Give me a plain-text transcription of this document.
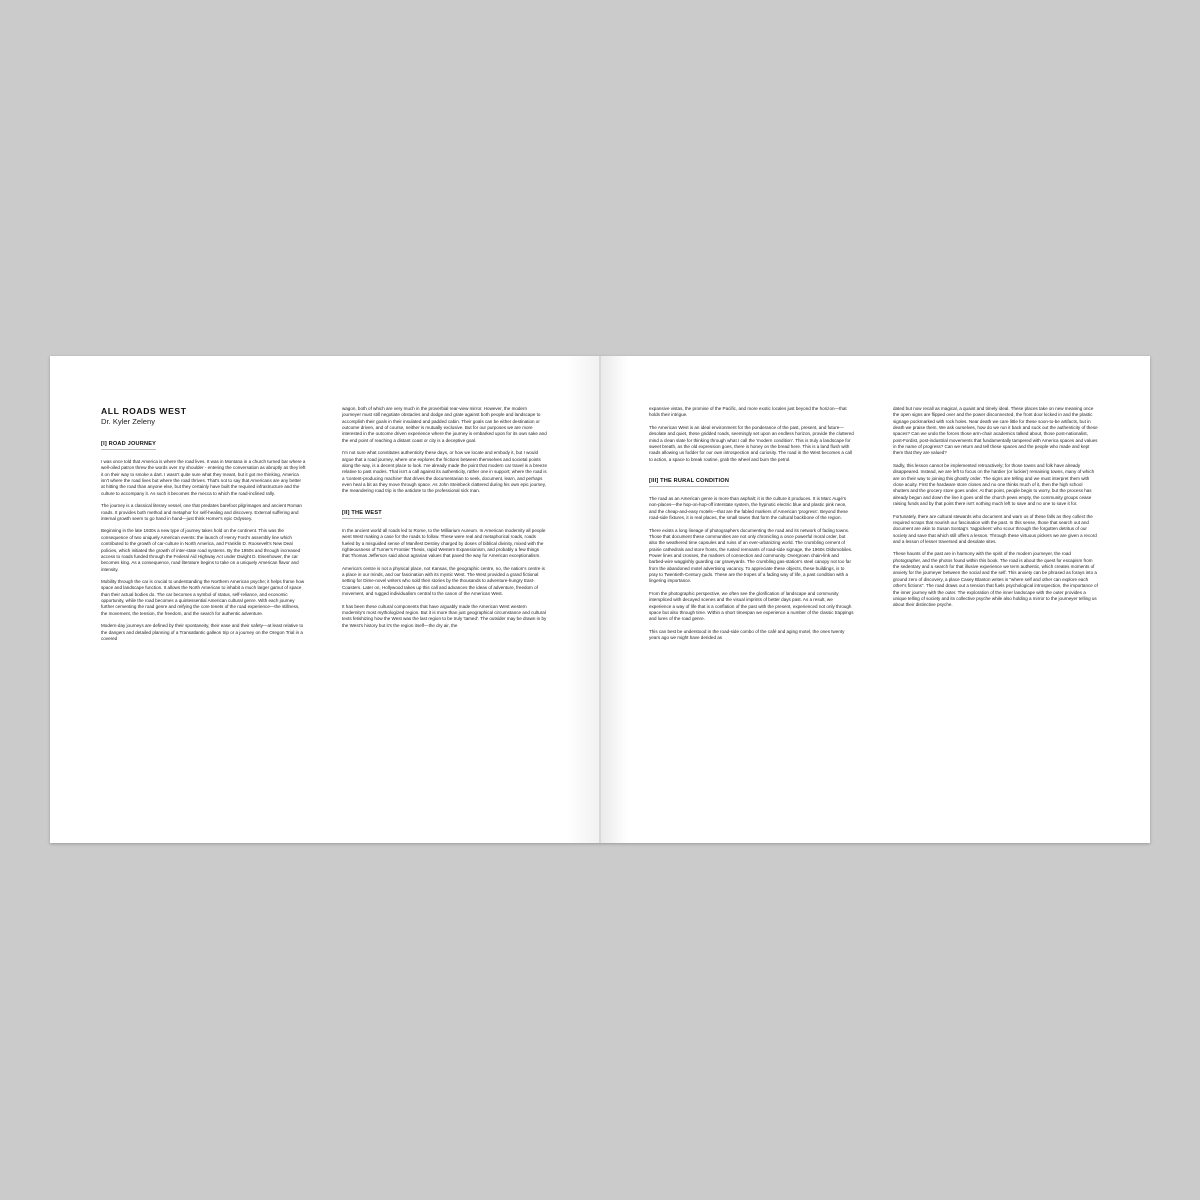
ALL ROADS WEST
Dr. Kyler Zeleny
[I] ROAD JOURNEY

I was once told that America is where the road lives. It was in Montana in a church turned bar where a well-oiled patron threw the words over my shoulder - entering the conversation as abruptly as they left it on their way to smoke a dart. I wasn't quite sure what they meant, but it got me thinking, America isn't where the road lives but where the road thrives. That's not to say that Americans are any better at hitting the road than anyone else, but they certainly have built the required infrastructure and the culture to accompany it. As such it becomes the mecca to which the road-inclined rally.

The journey is a classical literary vessel, one that predates barefoot pilgrimages and ancient Roman roads. It provides both method and metaphor for self-healing and discovery. External suffering and internal growth seem to go hand in hand—just think Homer's epic Odyssey.

Beginning in the late 1930s a new type of journey takes hold on the continent. This was the consequence of two uniquely American events: the launch of Henry Ford's assembly line which contributed to the growth of car-culture in North America, and Franklin D. Roosevelt's New Deal policies, which initiated the growth of inter-state road systems. By the 1950s and through increased access to roads funded through the Federal Aid Highway Act under Dwight D. Eisenhower, the car becomes king. As a consequence, road literature begins to take on a uniquely American flavor and intensity.

Mobility through the car is crucial to understanding the Northern American psyche; it helps frame how space and landscape function. It allows the North American to inhabit a much larger gamut of space than their actual bodies do. The car becomes a symbol of status, self-reliance, and economic opportunity, while the road becomes a quintessential American cultural genre. With each journey further cementing the road genre and reifying the core tenets of the road experience—the stillness, the movement, the tension, the freedom, and the search for authentic adventure.

Modern-day journeys are defined by their spontaneity, their ease and their safety—at least relative to the dangers and detailed planning of a Transatlantic galleon trip or a journey on the Oregon Trial in a covered

wagon, both of which are very much in the proverbial rear-view mirror. However, the modern journeyer must still negotiate obstacles and dodge and grate against both people and landscape to accomplish their goals in their insulated and padded cabin. Their goals can be either destination or outcome driven, and of course, neither is mutually exclusive. But for our purposes we are more interested in the outcome driven experience where the journey is embarked upon for its own sake and the end point of reaching a distant coast or city is a deceptive goal.

I'm not sure what constitutes authenticity these days, or how we locate and embody it, but I would argue that a road journey, where one explores the frictions between themselves and societal points along the way, is a decent place to look. I've already made the point that modern car travel is a breeze relative to past modes. That isn't a call against its authenticity, rather one in support; where the road is a 'content-producing machine' that drives the documentarian to seek, document, learn, and perhaps even heal a bit as they move through space. As John Steinbeck clattered during his own epic journey, the meandering road trip is the antidote to the professional sick man.

[II] THE WEST

In the ancient world all roads led to Rome, to the Milliarium Aureum. In American modernity all people went West making a case for the roads to follow. These were real and metaphorical roads, roads fueled by a misguided sense of Manifest Destiny charged by doses of biblical divinity, mixed with the righteousness of Turner's Frontier Thesis, rapid Western Expansionism, and probably a few things that Thomas Jefferson said about agrarian values that paved the way for American exceptionalism.

America's centre is not a physical place, not Kansas, the geographic centre, no, the nation's centre is a place in our minds, and our fascination with its mystic West. The West provided a grand fictional setting for Dime-novel writers who sold their stories by the thousands to adventure-hungry East-Coasters. Later on, Hollywood takes up this call and advances the ideas of adventure, freedom of movement, and rugged individualism central to the canon of the American West.

It has been these cultural components that have arguably made the American West western modernity's most mythologized region. But it is more than just geographical circumstance and cultural texts fetishizing how the West was the last region to be truly 'tamed'. The outsider may be drawn in by the West's history but it's the region itself—the dry air, the

expansive vistas, the promise of the Pacific, and more exotic locales just beyond the horizon—that holds their intrigue.

The American West is an ideal environment for the ponderance of the past, present, and future—desolate and quiet, these gridded roads, seemingly set upon an endless horizon, provide the cluttered mind a clean slate for thinking through what I call the 'modern condition'. This is truly a landscape for sweet breath, as the old expression goes, there is honey on the bread here. This is a land flush with roads allowing us fodder for our own introspection and curiosity. The road in the West becomes a call to action, a space to break routine, grab the wheel and burn the petrol.

[III] THE RURAL CONDITION

The road as an American genre is more than asphalt; it is the culture it produces. It is Marc Augé's non-places—the hop-on-hop-off interstate system, the hypnotic electric blue and plastic pink neon, and the cheap-and-easy motels—that are the fabled markers of American 'progress'. Beyond these road-side fixtures, it is real places, the small towns that form the cultural backbone of the region.

There exists a long lineage of photographers documenting the road and its network of fading towns. Those that document these communities are not only chronicling a once powerful moral order, but also the weathered time capsules and ruins of an ever-urbanizing world. The crumbling cement of prairie cathedrals and store fronts, the rusted remnants of road-side signage, the 1960s Oldsmobiles. Power lines and crosses, the markers of connection and community. Overgrown chain-link and barbed-wire waggishly guarding car graveyards. The crumbling gas-station's steel canopy not too far from the abandoned motel advertising vacancy. To appreciate these objects, these buildings, is to pray to Twentieth-Century gods. These are the tropes of a fading way of life, a past condition with a lingering importance.

From the photographic perspective, we often see the glorification of landscape and community interspliced with decayed scenes and the visual imprints of better days past. As a result, we experience a way of life that is a conflation of the past with the present, experienced not only through space but also through time. Within a short timespan we experience a number of the classic trappings and lures of the road genre.

This can best be understood in the road-side combo of the café and aging motel, the ones twenty years ago we might have derided as

dated but now recall as magical, a quaint and timely ideal. These places take on new meaning once the open signs are flipped over and the power disconnected, the front door kicked in and the plastic signage pockmarked with rock holes. Near death we care little for these soon-to-be artifacts, but in death we praise them. We ask ourselves, how do we run it back and suck out the authenticity of these spaces? Can we undo the forces those arm-chair academics talked about, those post-nationalist, post-Fordist, post-industrial movements that fundamentally tampered with America spaces and values in the name of progress? Can we return and tell these spaces and the people who made and kept them that they are valued?

Sadly, this lesson cannot be implemented retroactively; for those towns and folk have already disappeared. Instead, we are left to focus on the hardier (or luckier) remaining towns, many of which are on their way to joining this ghostly order. The signs are telling and we must interpret them with close acuity. First the hardware store closes and no one thinks much of it, then the high school shutters and the grocery store goes under. At that point, people begin to worry, but the process has already begun and down the line it goes until the church pews empty, the community groups cease raising funds and by that point there isn't nothing much left to save and no one to save it for.

Fortunately, there are cultural stewards who document and warn us of these falls as they collect the required scraps that nourish our fascination with the past. In this sense, those that search out and document are akin to Susan Sontag's 'ragpickers' who scour through the forgotten detritus of our society and save that which still offers a lesson. Through these virtuous pickers we are given a record and a lesson of lesser traversed and desolate sites.

These haunts of the past are in harmony with the spirit of the modern journeyer, the road photographer, and the photos found within this book. The road is about the quest for escapism from the sedentary and a search for that illusive experience we term authentic, which creates moments of anxiety for the journeyer between the social and the self. This anxiety can be phrased as forays into a ground zero of discovery, a place Casey Blanton writes is "where self and other can explore each other's fictions". The road draws out a tension that fuels psychological introspection, the importance of the inner journey with the outer. The exploration of the inner landscape with the outer provides a unique telling of society and its collective psyche while also holding a mirror to the journeyer telling us about their distinctive psyche.
